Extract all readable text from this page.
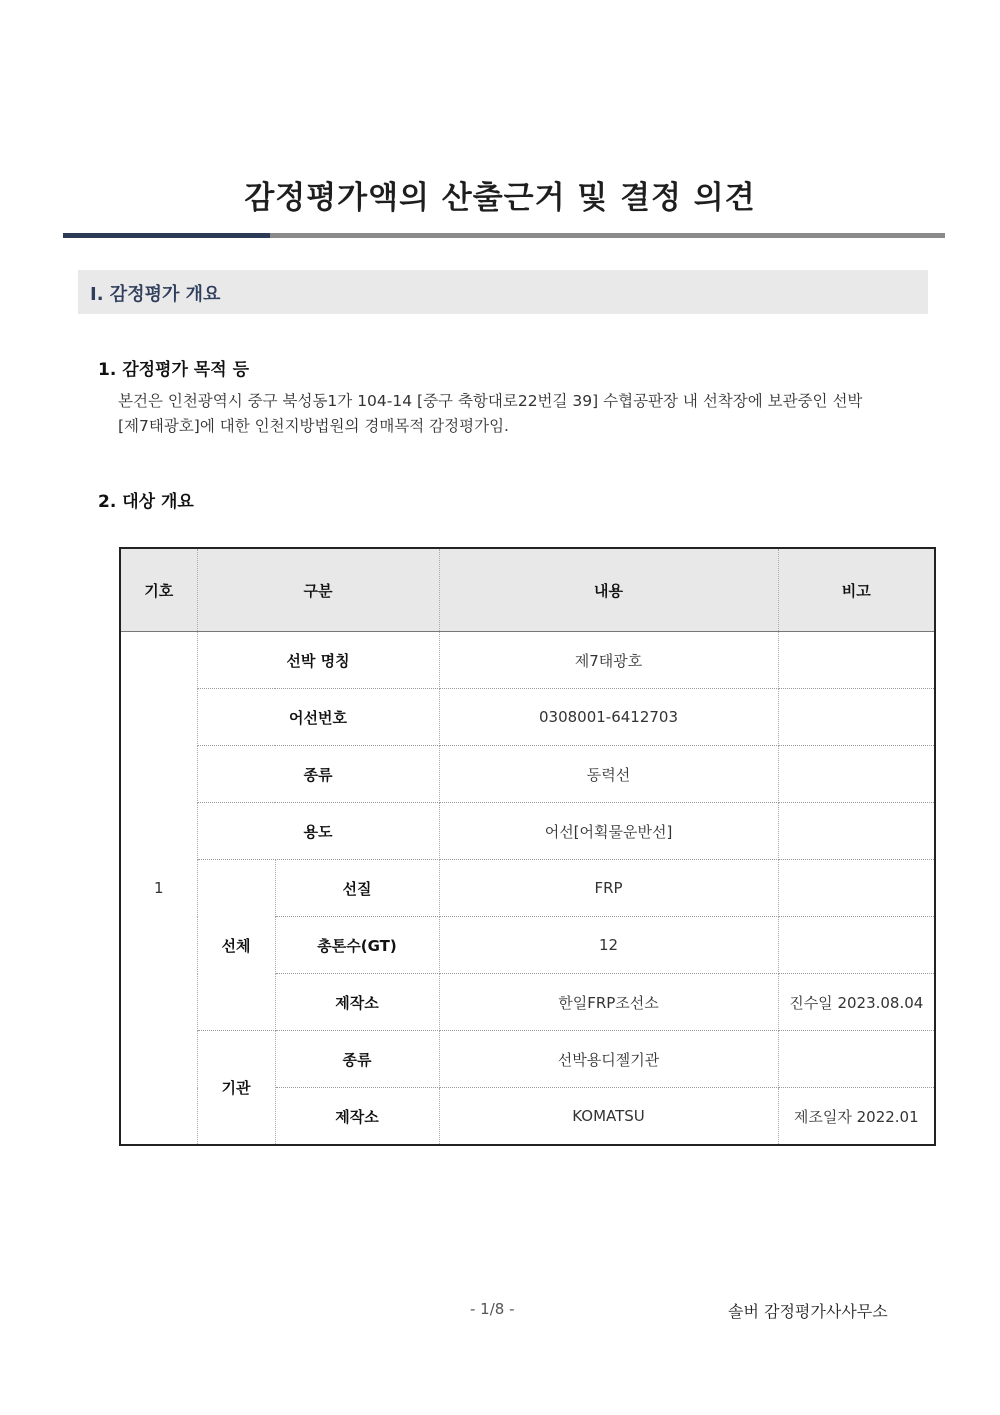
감정평가액의 산출근거 및 결정 의견
Ⅰ. 감정평가 개요
1. 감정평가 목적 등
본건은 인천광역시 중구 북성동1가 104-14 [중구 축항대로22번길 39] 수협공판장 내 선착장에 보관중인 선박
[제7태광호]에 대한 인천지방법원의 경매목적 감정평가임.
2. 대상 개요
기호	구분		내용	비고
1	선박 명칭		제7태광호	
	어선번호		0308001-6412703	
	종류		동력선	
	용도		어선[어획물운반선]	
	선체	선질	FRP	
		총톤수(GT)	12	
		제작소	한일FRP조선소	진수일 2023.08.04
	기관	종류	선박용디젤기관	
		제작소	KOMATSU	제조일자 2022.01
- 1/8 -	솔버 감정평가사사무소
